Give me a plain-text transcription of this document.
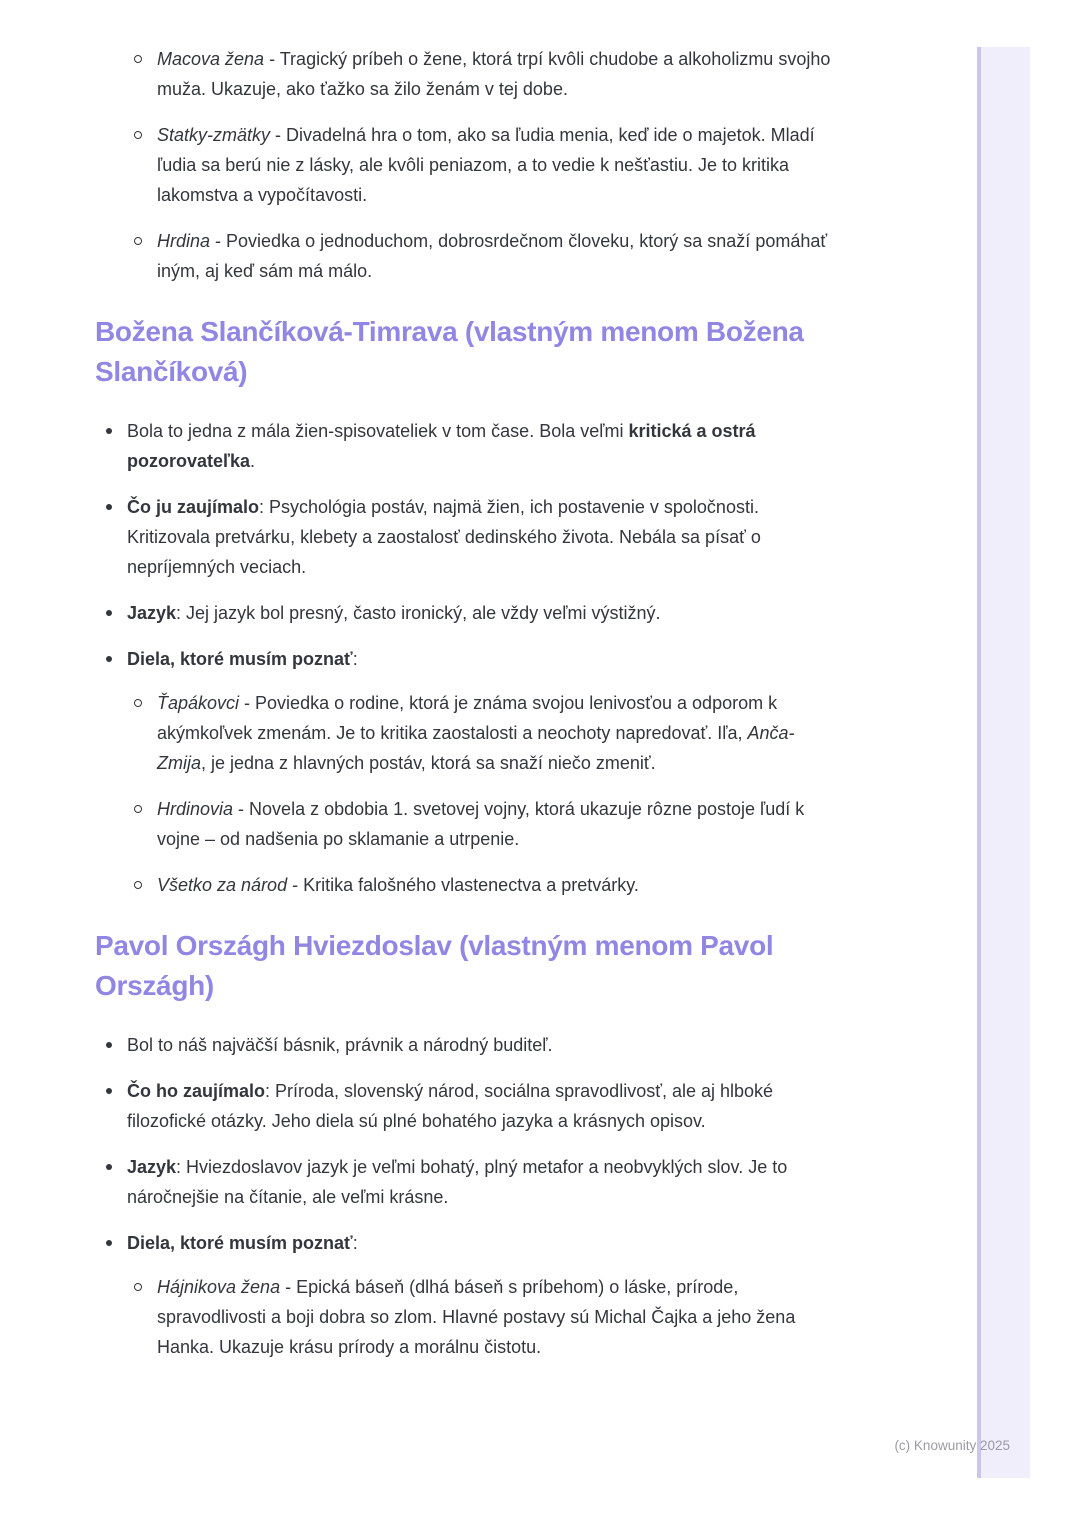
Macova žena - Tragický príbeh o žene, ktorá trpí kvôli chudobe a alkoholizmu svojho muža. Ukazuje, ako ťažko sa žilo ženám v tej dobe.
Statky-zmätky - Divadelná hra o tom, ako sa ľudia menia, keď ide o majetok. Mladí ľudia sa berú nie z lásky, ale kvôli peniazom, a to vedie k nešťastiu. Je to kritika lakomstva a vypočítavosti.
Hrdina - Poviedka o jednoduchom, dobrosrdečnom človeku, ktorý sa snaží pomáhať iným, aj keď sám má málo.
Božena Slančíková-Timrava (vlastným menom Božena Slančíková)
Bola to jedna z mála žien-spisovateliek v tom čase. Bola veľmi kritická a ostrá pozorovateľka.
Čo ju zaujímalo: Psychológia postáv, najmä žien, ich postavenie v spoločnosti. Kritizovala pretvárku, klebety a zaostalosť dedinského života. Nebála sa písať o nepríjemných veciach.
Jazyk: Jej jazyk bol presný, často ironický, ale vždy veľmi výstižný.
Diela, ktoré musím poznať:
Ťapákovci - Poviedka o rodine, ktorá je známa svojou lenivosťou a odporom k akýmkoľvek zmenám. Je to kritika zaostalosti a neochoty napredovať. Iľa, Anča-Zmija, je jedna z hlavných postáv, ktorá sa snaží niečo zmeniť.
Hrdinovia - Novela z obdobia 1. svetovej vojny, ktorá ukazuje rôzne postoje ľudí k vojne – od nadšenia po sklamanie a utrpenie.
Všetko za národ - Kritika falošného vlastenectva a pretvárky.
Pavol Országh Hviezdoslav (vlastným menom Pavol Országh)
Bol to náš najväčší básnik, právnik a národný buditeľ.
Čo ho zaujímalo: Príroda, slovenský národ, sociálna spravodlivosť, ale aj hlboké filozofické otázky. Jeho diela sú plné bohatého jazyka a krásnych opisov.
Jazyk: Hviezdoslavov jazyk je veľmi bohatý, plný metafor a neobvyklých slov. Je to náročnejšie na čítanie, ale veľmi krásne.
Diela, ktoré musím poznať:
Hájnikova žena - Epická báseň (dlhá báseň s príbehom) o láske, prírode, spravodlivosti a boji dobra so zlom. Hlavné postavy sú Michal Čajka a jeho žena Hanka. Ukazuje krásu prírody a morálnu čistotu.
(c) Knowunity 2025
